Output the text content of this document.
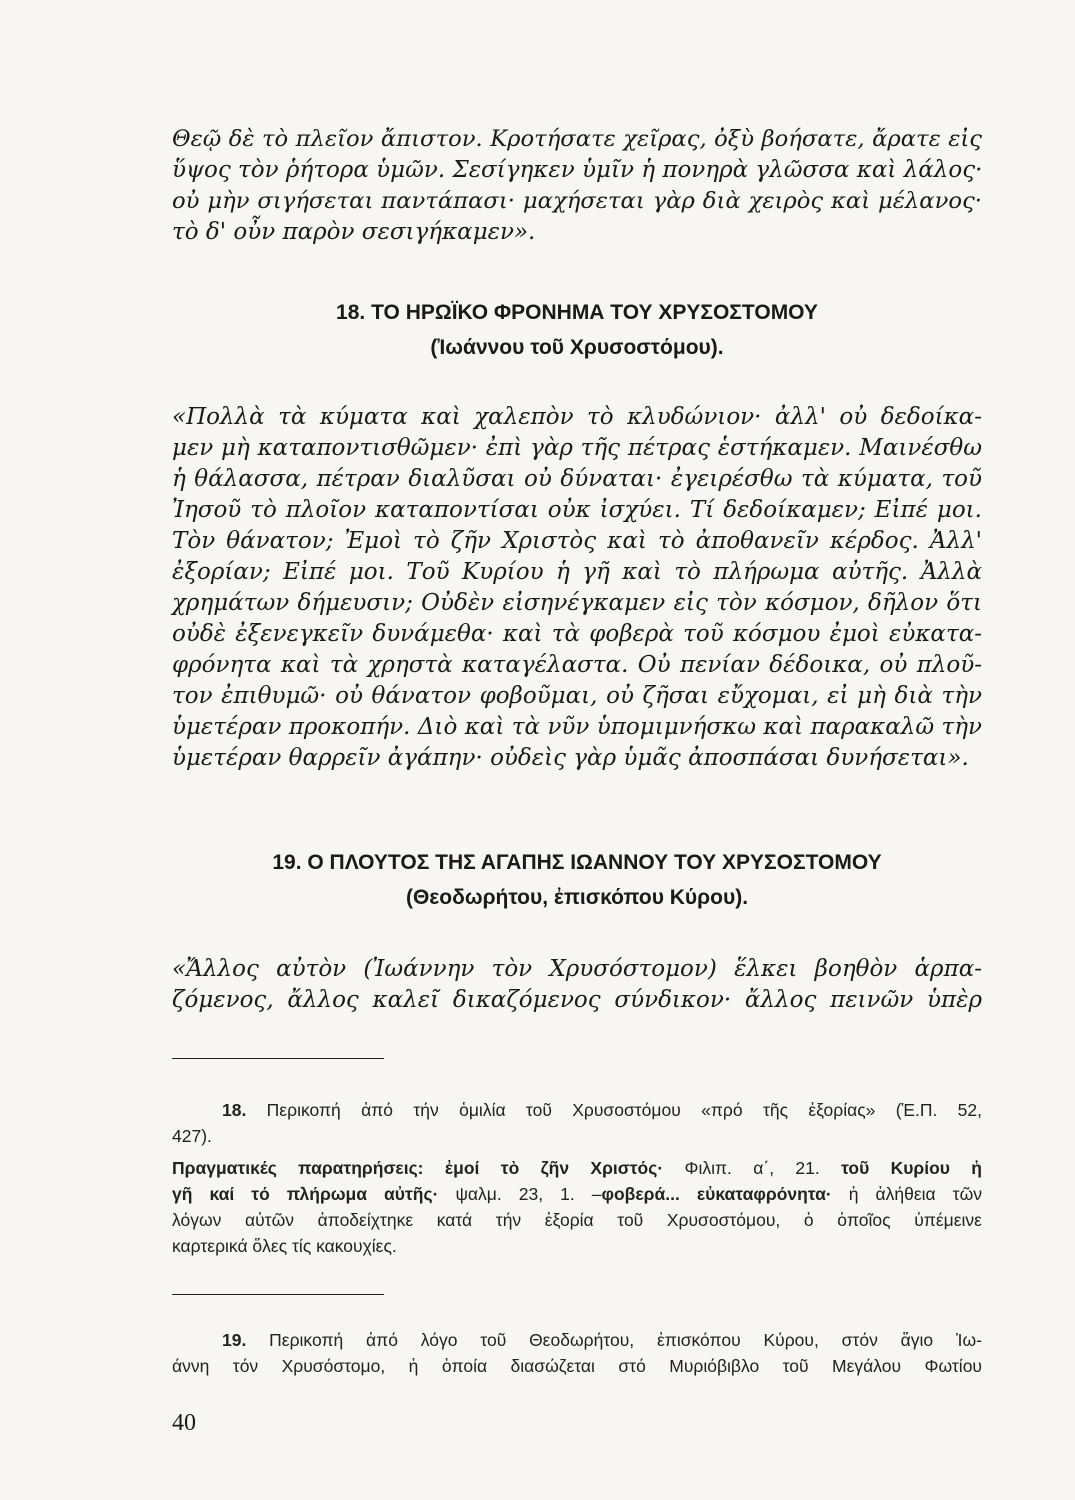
Θεῷ δὲ τὸ πλεῖον ἄπιστον. Κροτήσατε χεῖρας, ὀξὺ βοήσατε, ἄρατε εἰς
ὕψος τὸν ῥήτορα ὑμῶν. Σεσίγηκεν ὑμῖν ἡ πονηρὰ γλῶσσα καὶ λάλος·
οὐ μὴν σιγήσεται παντάπασι· μαχήσεται γὰρ διὰ χειρὸς καὶ μέλανος·
τὸ δ' οὖν παρὸν σεσιγήκαμεν».
18. ΤΟ ΗΡΩΪΚΟ ΦΡΟΝΗΜΑ ΤΟΥ ΧΡΥΣΟΣΤΟΜΟΥ
(Ἰωάννου τοῦ Χρυσοστόμου).
«Πολλὰ τὰ κύματα καὶ χαλεπὸν τὸ κλυδώνιον· ἀλλ' οὐ δεδοίκα-
μεν μὴ καταποντισθῶμεν· ἐπὶ γὰρ τῆς πέτρας ἑστήκαμεν. Μαινέσθω
ἡ θάλασσα, πέτραν διαλῦσαι οὐ δύναται· ἐγειρέσθω τὰ κύματα, τοῦ
Ἰησοῦ τὸ πλοῖον καταποντίσαι οὐκ ἰσχύει. Τί δεδοίκαμεν; Εἰπέ μοι.
Τὸν θάνατον; Ἐμοὶ τὸ ζῆν Χριστὸς καὶ τὸ ἀποθανεῖν κέρδος. Ἀλλ'
ἐξορίαν; Εἰπέ μοι. Τοῦ Κυρίου ἡ γῆ καὶ τὸ πλήρωμα αὐτῆς. Ἀλλὰ
χρημάτων δήμευσιν; Οὐδὲν εἰσηνέγκαμεν εἰς τὸν κόσμον, δῆλον ὅτι
οὐδὲ ἐξενεγκεῖν δυνάμεθα· καὶ τὰ φοβερὰ τοῦ κόσμου ἐμοὶ εὐκατα-
φρόνητα καὶ τὰ χρηστὰ καταγέλαστα. Οὐ πενίαν δέδοικα, οὐ πλοῦ-
τον ἐπιθυμῶ· οὐ θάνατον φοβοῦμαι, οὐ ζῆσαι εὔχομαι, εἰ μὴ διὰ τὴν
ὑμετέραν προκοπήν. Διὸ καὶ τὰ νῦν ὑπομιμνήσκω καὶ παρακαλῶ τὴν
ὑμετέραν θαρρεῖν ἀγάπην· οὐδεὶς γὰρ ὑμᾶς ἀποσπάσαι δυνήσεται».
19. Ο ΠΛΟΥΤΟΣ ΤΗΣ ΑΓΑΠΗΣ ΙΩΑΝΝΟΥ ΤΟΥ ΧΡΥΣΟΣΤΟΜΟΥ
(Θεοδωρήτου, ἐπισκόπου Κύρου).
«Ἄλλος αὐτὸν (Ἰωάννην τὸν Χρυσόστομον) ἕλκει βοηθὸν ἁρπα-
ζόμενος, ἄλλος καλεῖ δικαζόμενος σύνδικον· ἄλλος πεινῶν ὑπὲρ
18. Περικοπή ἀπό τήν ὁμιλία τοῦ Χρυσοστόμου «πρό τῆς ἐξορίας» (Ἑ.Π. 52,
427).
Πραγματικές παρατηρήσεις: ἐμοί τὸ ζῆν Χριστός· Φιλιπ. α΄, 21. τοῦ Κυρίου ἡ
γῆ καί τό πλήρωμα αὐτῆς· ψαλμ. 23, 1. –φοβερά... εὐκαταφρόνητα· ἡ ἀλήθεια τῶν
λόγων αὐτῶν ἀποδείχτηκε κατά τήν ἐξορία τοῦ Χρυσοστόμου, ὁ ὁποῖος ὑπέμεινε
καρτερικά ὅλες τίς κακουχίες.
19. Περικοπή ἀπό λόγο τοῦ Θεοδωρήτου, ἐπισκόπου Κύρου, στόν ἅγιο Ἰω-
άννη τόν Χρυσόστομο, ἡ ὁποία διασώζεται στό Μυριόβιβλο τοῦ Μεγάλου Φωτίου
40
